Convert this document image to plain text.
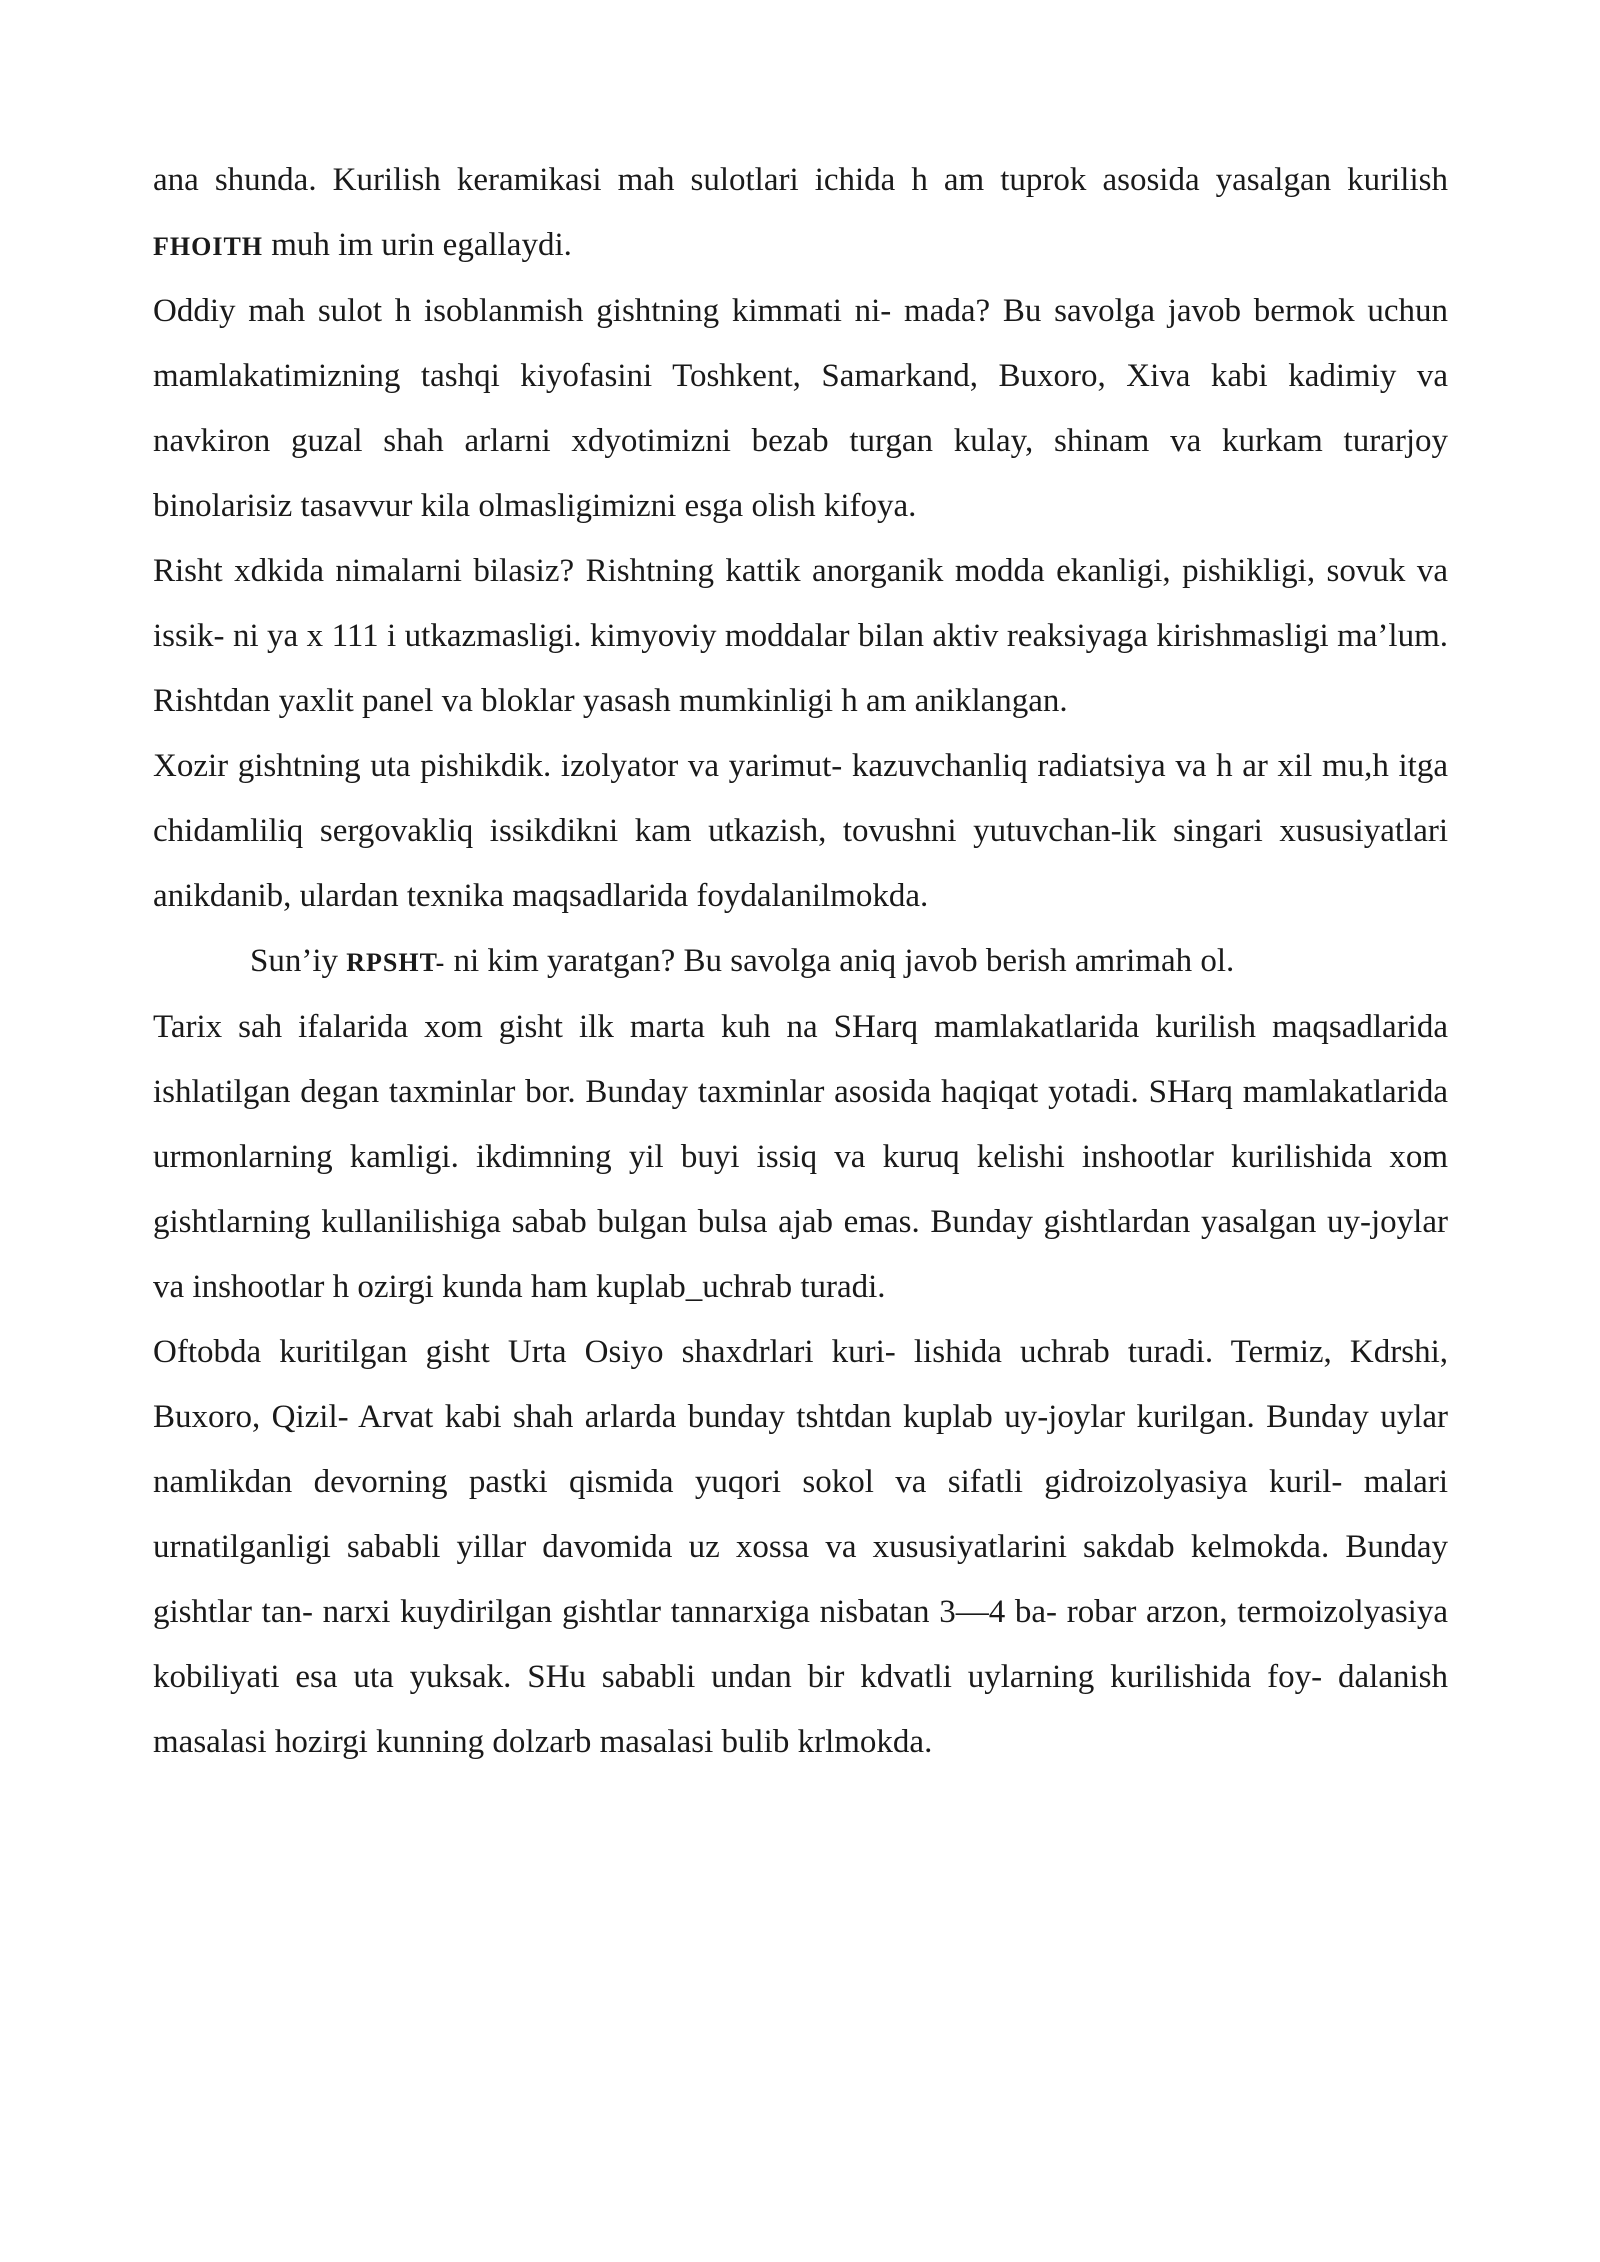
ana shunda. Kurilish keramikasi mah sulotlari ichida h am tuprok asosida yasalgan kurilish FHOITH muh im urin egallaydi.

Oddiy mah sulot h isoblanmish gishtning kimmati ni- mada? Bu savolga javob bermok uchun mamlakatimizning tashqi kiyofasini Toshkent, Samarkand, Buxoro, Xiva kabi kadimiy va navkiron guzal shah arlarni xdyotimizni bezab turgan kulay, shinam va kurkam turarjoy binolarisiz tasavvur kila olmasligimizni esga olish kifoya.

Risht xdkida nimalarni bilasiz? Rishtning kattik anorganik modda ekanligi, pishikligi, sovuk va issik- ni ya x 111 i utkazmasligi. kimyoviy moddalar bilan aktiv reaksiyaga kirishmasligi ma’lum. Rishtdan yaxlit panel va bloklar yasash mumkinligi h am aniklangan.

Xozir gishtning uta pishikdik. izolyator va yarimut- kazuvchanliq radiatsiya va h ar xil mu,h itga chidamliliq sergovakliq issikdikni kam utkazish, tovushni yutuvchan-lik singari xususiyatlari anikdanib, ulardan texnika maqsadlarida foydalanilmokda.

Sun’iy RPSHT- ni kim yaratgan? Bu savolga aniq javob berish amrimah ol.

Tarix sah ifalarida xom gisht ilk marta kuh na SHarq mamlakatlarida kurilish maqsadlarida ishlatilgan degan taxminlar bor. Bunday taxminlar asosida haqiqat yotadi. SHarq mamlakatlarida urmonlarning kamligi. ikdimning yil buyi issiq va kuruq kelishi inshootlar kurilishida xom gishtlarning kullanilishiga sabab bulgan bulsa ajab emas. Bunday gishtlardan yasalgan uy-joylar va inshootlar h ozirgi kunda ham kuplab_uchrab turadi.

Oftobda kuritilgan gisht Urta Osiyo shaxdrlari kuri- lishida uchrab turadi. Termiz, Kdrshi, Buxoro, Qizil- Arvat kabi shah arlarda bunday tshtdan kuplab uy-joylar kurilgan. Bunday uylar namlikdan devorning pastki qismida yuqori sokol va sifatli gidroizolyasiya kuril- malari urnatilganligi sababli yillar davomida uz xossa va xususiyatlarini sakdab kelmokda. Bunday gishtlar tan- narxi kuydirilgan gishtlar tannarxiga nisbatan 3—4 ba- robar arzon, termoizolyasiya kobiliyati esa uta yuksak. SHu sababli undan bir kdvatli uylarning kurilishida foy- dalanish masalasi hozirgi kunning dolzarb masalasi bulib krlmokda.
